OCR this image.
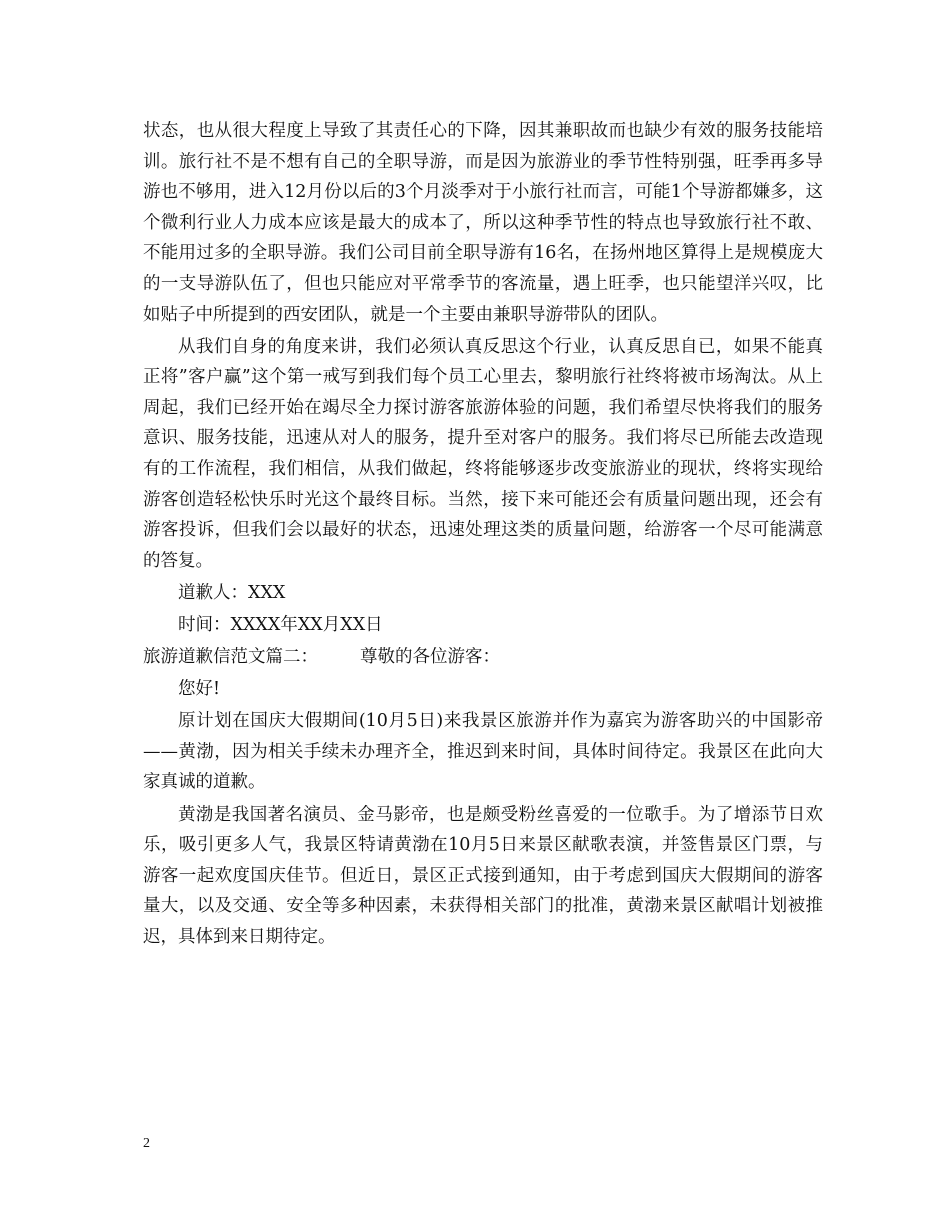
状态，也从很大程度上导致了其责任心的下降，因其兼职故而也缺少有效的服务技能培训。旅行社不是不想有自己的全职导游，而是因为旅游业的季节性特别强，旺季再多导游也不够用，进入12月份以后的3个月淡季对于小旅行社而言，可能1个导游都嫌多，这个微利行业人力成本应该是最大的成本了，所以这种季节性的特点也导致旅行社不敢、不能用过多的全职导游。我们公司目前全职导游有16名，在扬州地区算得上是规模庞大的一支导游队伍了，但也只能应对平常季节的客流量，遇上旺季，也只能望洋兴叹，比如贴子中所提到的西安团队，就是一个主要由兼职导游带队的团队。

从我们自身的角度来讲，我们必须认真反思这个行业，认真反思自已，如果不能真正将”客户赢”这个第一戒写到我们每个员工心里去，黎明旅行社终将被市场淘汰。从上周起，我们已经开始在竭尽全力探讨游客旅游体验的问题，我们希望尽快将我们的服务意识、服务技能，迅速从对人的服务，提升至对客户的服务。我们将尽已所能去改造现有的工作流程，我们相信，从我们做起，终将能够逐步改变旅游业的现状，终将实现给游客创造轻松快乐时光这个最终目标。当然，接下来可能还会有质量问题出现，还会有游客投诉，但我们会以最好的状态，迅速处理这类的质量问题，给游客一个尽可能满意的答复。

道歉人：XXX

时间：XXXX年XX月XX日

旅游道歉信范文篇二： 尊敬的各位游客：

您好!

原计划在国庆大假期间(10月5日)来我景区旅游并作为嘉宾为游客助兴的中国影帝——黄渤，因为相关手续未办理齐全，推迟到来时间，具体时间待定。我景区在此向大家真诚的道歉。

黄渤是我国著名演员、金马影帝，也是颇受粉丝喜爱的一位歌手。为了增添节日欢乐，吸引更多人气，我景区特请黄渤在10月5日来景区献歌表演，并签售景区门票，与游客一起欢度国庆佳节。但近日，景区正式接到通知，由于考虑到国庆大假期间的游客量大，以及交通、安全等多种因素，未获得相关部门的批准，黄渤来景区献唱计划被推迟，具体到来日期待定。

2
